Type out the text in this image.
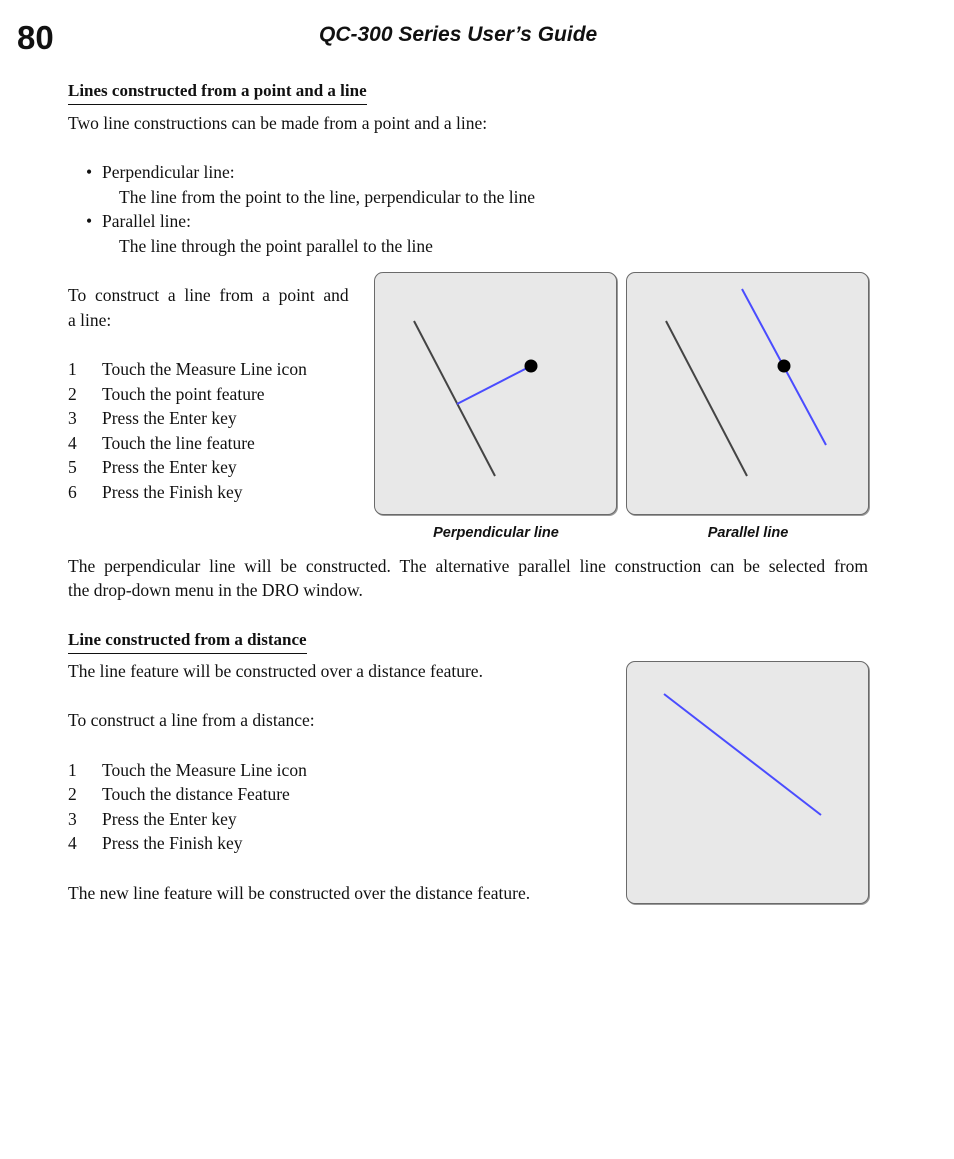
80	QC-300 Series User’s Guide
Lines constructed from a point and a line
Two line constructions can be made from a point and a line:
• Perpendicular line:
The line from the point to the line, perpendicular to the line
• Parallel line:
The line through the point parallel to the line
To  construct  a  line  from  a  point  and
a line:
1 Touch the Measure Line icon
2 Touch the point feature
3 Press the Enter key
4 Touch the line feature
5 Press the Enter key
6 Press the Finish key
Perpendicular line	Parallel line
The perpendicular line will be constructed. The alternative parallel line construction can be selected from
the drop-down menu in the DRO window.
Line constructed from a distance
The line feature will be constructed over a distance feature.
To construct a line from a distance:
1 Touch the Measure Line icon
2 Touch the distance Feature
3 Press the Enter key
4 Press the Finish key
The new line feature will be constructed over the distance feature.
